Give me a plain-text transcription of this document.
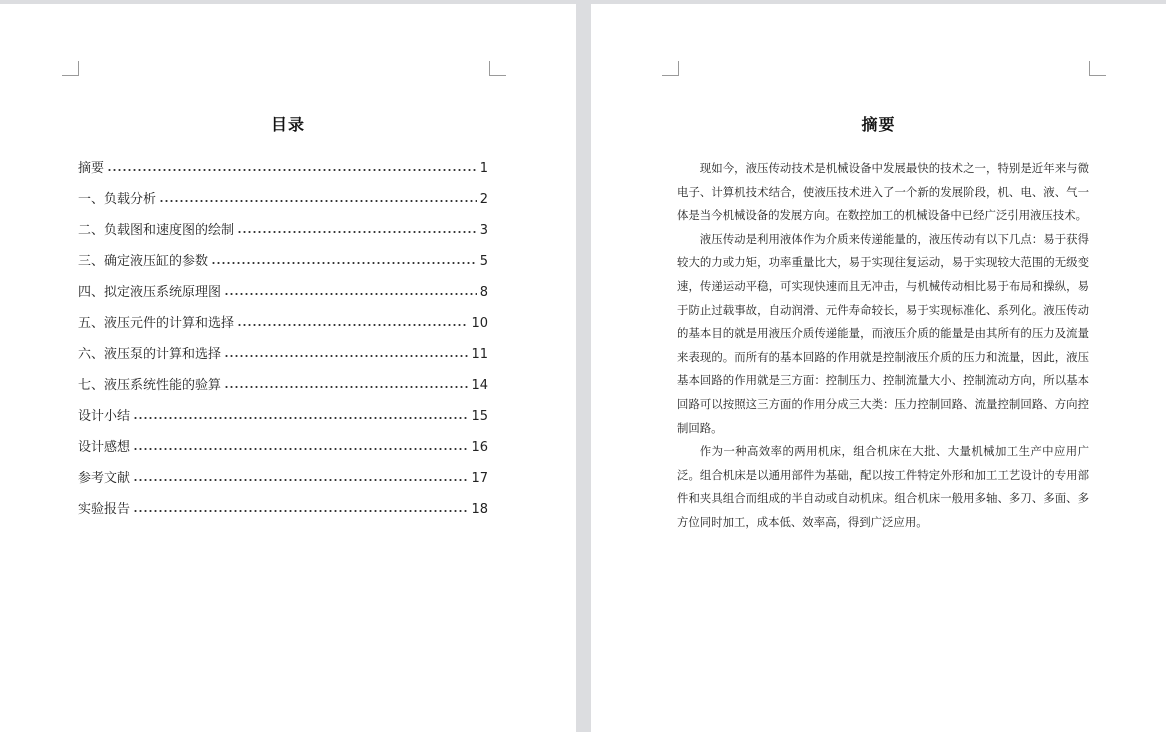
目录
摘要	1
一、负载分析	2
二、负载图和速度图的绘制	3
三、确定液压缸的参数	5
四、拟定液压系统原理图	8
五、液压元件的计算和选择	10
六、液压泵的计算和选择	11
七、液压系统性能的验算	14
设计小结	15
设计感想	16
参考文献	17
实验报告	18
摘要

现如今，液压传动技术是机械设备中发展最快的技术之一，特别是近年来与微电子、计算机技术结合，使液压技术进入了一个新的发展阶段，机、电、液、气一体是当今机械设备的发展方向。在数控加工的机械设备中已经广泛引用液压技术。

液压传动是利用液体作为介质来传递能量的，液压传动有以下几点：易于获得较大的力或力矩，功率重量比大，易于实现往复运动，易于实现较大范围的无级变速，传递运动平稳，可实现快速而且无冲击，与机械传动相比易于布局和操纵，易于防止过载事故，自动润滑、元件寿命较长，易于实现标准化、系列化。液压传动的基本目的就是用液压介质传递能量，而液压介质的能量是由其所有的压力及流量来表现的。而所有的基本回路的作用就是控制液压介质的压力和流量，因此，液压基本回路的作用就是三方面：控制压力、控制流量大小、控制流动方向，所以基本回路可以按照这三方面的作用分成三大类：压力控制回路、流量控制回路、方向控制回路。

作为一种高效率的两用机床，组合机床在大批、大量机械加工生产中应用广泛。组合机床是以通用部件为基础，配以按工件特定外形和加工工艺设计的专用部件和夹具组合而组成的半自动或自动机床。组合机床一般用多轴、多刀、多面、多方位同时加工，成本低、效率高，得到广泛应用。
